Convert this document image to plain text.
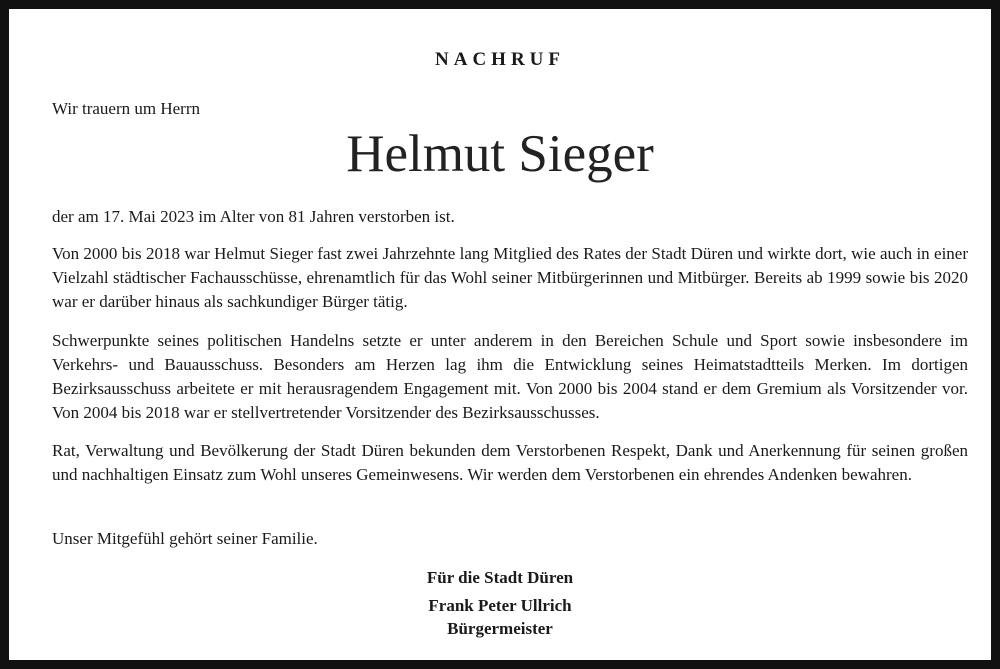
NACHRUF
Wir trauern um Herrn
Helmut Sieger

der am 17. Mai 2023 im Alter von 81 Jahren verstorben ist.

Von 2000 bis 2018 war Helmut Sieger fast zwei Jahrzehnte lang Mitglied des Rates der Stadt Düren und wirkte dort, wie auch in einer Vielzahl städtischer Fachausschüsse, ehrenamtlich für das Wohl seiner Mitbürgerinnen und Mitbürger. Bereits ab 1999 sowie bis 2020 war er darüber hinaus als sachkundiger Bürger tätig.

Schwerpunkte seines politischen Handelns setzte er unter anderem in den Bereichen Schule und Sport sowie insbesondere im Verkehrs- und Bauausschuss. Besonders am Herzen lag ihm die Entwicklung seines Heimatstadtteils Merken. Im dortigen Bezirksausschuss arbeitete er mit herausragendem Engagement mit. Von 2000 bis 2004 stand er dem Gremium als Vorsitzender vor. Von 2004 bis 2018 war er stellvertretender Vorsitzender des Bezirksausschusses.

Rat, Verwaltung und Bevölkerung der Stadt Düren bekunden dem Verstorbenen Respekt, Dank und Anerkennung für seinen großen und nachhaltigen Einsatz zum Wohl unseres Gemeinwesens. Wir werden dem Verstorbenen ein ehrendes Andenken bewahren.

Unser Mitgefühl gehört seiner Familie.

Für die Stadt Düren
Frank Peter Ullrich
Bürgermeister
